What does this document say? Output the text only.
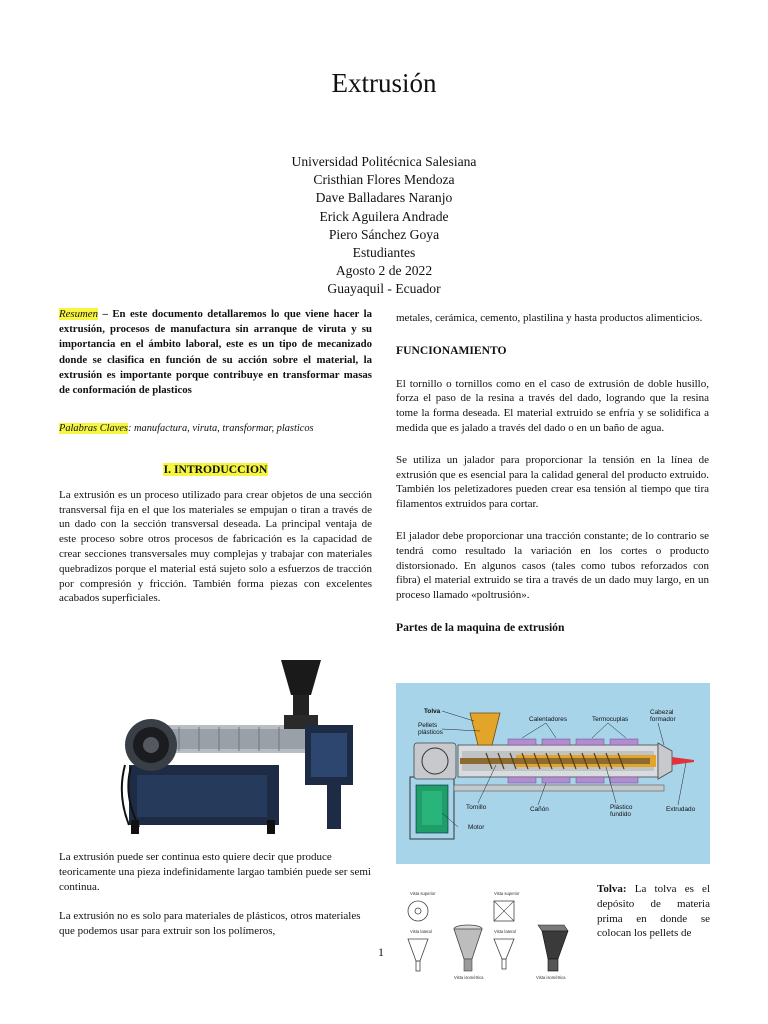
Extrusión
Universidad Politécnica Salesiana
Cristhian Flores Mendoza
Dave Balladares Naranjo
Erick Aguilera Andrade
Piero Sánchez Goya
Estudiantes
Agosto 2 de 2022
Guayaquil - Ecuador

Resumen – En este documento detallaremos lo que viene hacer la extrusión, procesos de manufactura sin arranque de viruta y su importancia en el ámbito laboral, este es un tipo de mecanizado donde se clasifica en función de su acción sobre el material, la extrusión es importante porque contribuye en transformar masas de conformación de plasticos

Palabras Claves: manufactura, viruta, transformar, plasticos

I. INTRODUCCION

La extrusión es un proceso utilizado para crear objetos de una sección transversal fija en el que los materiales se empujan o tiran a través de un dado con la sección transversal deseada. La principal ventaja de este proceso sobre otros procesos de fabricación es la capacidad de crear secciones transversales muy complejas y trabajar con materiales quebradizos porque el material está sujeto solo a esfuerzos de tracción por compresión y fricción. También forma piezas con excelentes acabados superficiales.

La extrusión puede ser continua esto quiere decir que produce teoricamente una pieza indefinidamente largao también puede ser semi continua.

La extrusión no es solo para materiales de plásticos, otros materiales que podemos usar para extruir son los polímeros,

metales, cerámica, cemento, plastilina y hasta productos alimenticios.

FUNCIONAMIENTO

El tornillo o tornillos como en el caso de extrusión de doble husillo, forza el paso de la resina a través del dado, logrando que la resina tome la forma deseada. El material extruido se enfría y se solidifica a medida que es jalado a través del dado o en un baño de agua.

Se utiliza un jalador para proporcionar la tensión en la línea de extrusión que es esencial para la calidad general del producto extruido. También los peletizadores pueden crear esa tensión al tiempo que tira filamentos extruidos para cortar.

El jalador debe proporcionar una tracción constante; de lo contrario se tendrá como resultado la variación en los cortes o producto distorsionado. En algunos casos (tales como tubos reforzados con fibra) el material extruido se tira a través de un dado muy largo, en un proceso llamado «poltrusión».

Partes de la maquina de extrusión

Tolva
Pellets
plásticos
Calentadores	Termocuplas
Cabezal
formador
Tornillo
Motor
Cañón	Plástico
fundido
Extrudado
Vista superior	Vista superior
Vista lateral	Vista lateral
Vista isométrica	Vista isométrica

Tolva: La tolva es el depósito de materia prima en donde se colocan los pellets de

1
